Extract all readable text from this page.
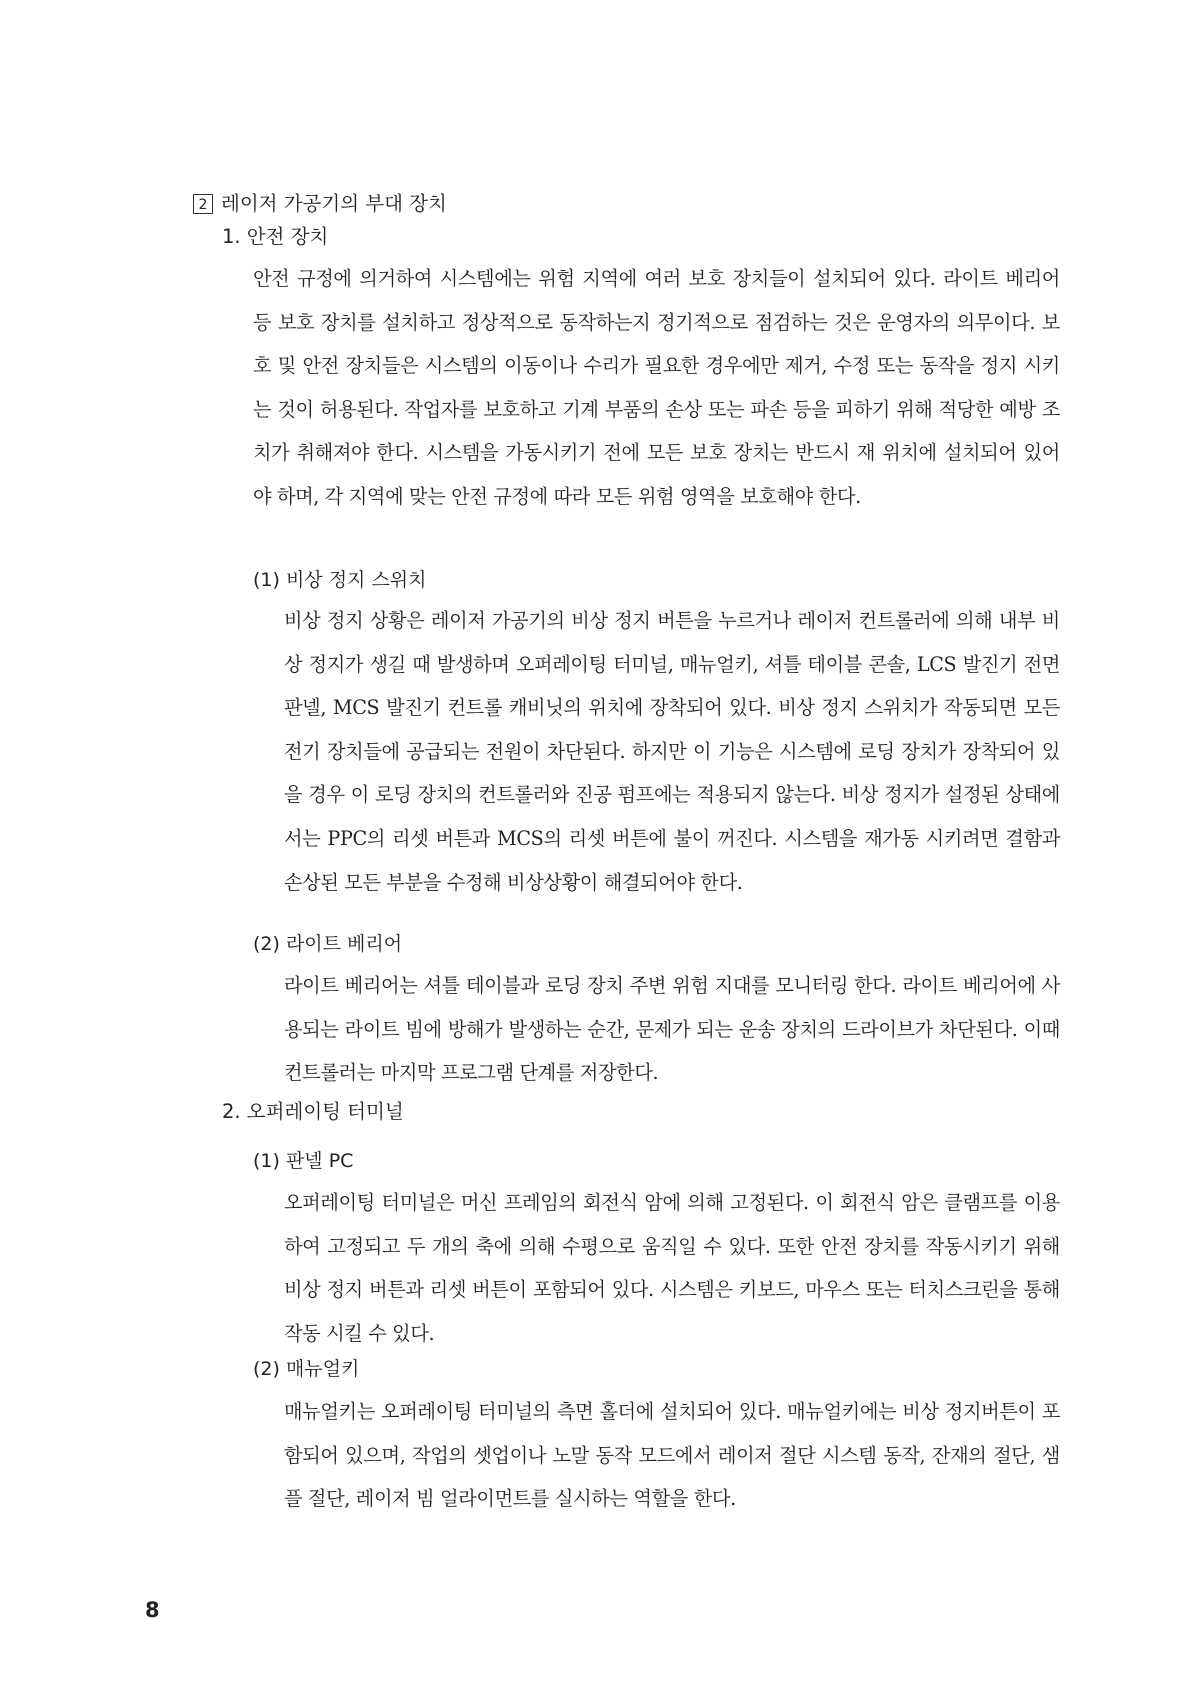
2 레이저 가공기의 부대 장치
1. 안전 장치

안전 규정에 의거하여 시스템에는 위험 지역에 여러 보호 장치들이 설치되어 있다. 라이트 베리어 등 보호 장치를 설치하고 정상적으로 동작하는지 정기적으로 점검하는 것은 운영자의 의무이다. 보호 및 안전 장치들은 시스템의 이동이나 수리가 필요한 경우에만 제거, 수정 또는 동작을 정지 시키는 것이 허용된다. 작업자를 보호하고 기계 부품의 손상 또는 파손 등을 피하기 위해 적당한 예방 조치가 취해져야 한다. 시스템을 가동시키기 전에 모든 보호 장치는 반드시 재 위치에 설치되어 있어야 하며, 각 지역에 맞는 안전 규정에 따라 모든 위험 영역을 보호해야 한다.

(1) 비상 정지 스위치

비상 정지 상황은 레이저 가공기의 비상 정지 버튼을 누르거나 레이저 컨트롤러에 의해 내부 비상 정지가 생길 때 발생하며 오퍼레이팅 터미널, 매뉴얼키, 셔틀 테이블 콘솔, LCS 발진기 전면 판넬, MCS 발진기 컨트롤 캐비닛의 위치에 장착되어 있다. 비상 정지 스위치가 작동되면 모든 전기 장치들에 공급되는 전원이 차단된다. 하지만 이 기능은 시스템에 로딩 장치가 장착되어 있을 경우 이 로딩 장치의 컨트롤러와 진공 펌프에는 적용되지 않는다. 비상 정지가 설정된 상태에서는 PPC의 리셋 버튼과 MCS의 리셋 버튼에 불이 꺼진다. 시스템을 재가동 시키려면 결함과 손상된 모든 부분을 수정해 비상상황이 해결되어야 한다.

(2) 라이트 베리어

라이트 베리어는 셔틀 테이블과 로딩 장치 주변 위험 지대를 모니터링 한다. 라이트 베리어에 사용되는 라이트 빔에 방해가 발생하는 순간, 문제가 되는 운송 장치의 드라이브가 차단된다. 이때 컨트롤러는 마지막 프로그램 단계를 저장한다.

2. 오퍼레이팅 터미널
(1) 판넬 PC

오퍼레이팅 터미널은 머신 프레임의 회전식 암에 의해 고정된다. 이 회전식 암은 클램프를 이용하여 고정되고 두 개의 축에 의해 수평으로 움직일 수 있다. 또한 안전 장치를 작동시키기 위해 비상 정지 버튼과 리셋 버튼이 포함되어 있다. 시스템은 키보드, 마우스 또는 터치스크린을 통해 작동 시킬 수 있다.

(2) 매뉴얼키

매뉴얼키는 오퍼레이팅 터미널의 측면 홀더에 설치되어 있다. 매뉴얼키에는 비상 정지버튼이 포함되어 있으며, 작업의 셋업이나 노말 동작 모드에서 레이저 절단 시스템 동작, 잔재의 절단, 샘플 절단, 레이저 빔 얼라이먼트를 실시하는 역할을 한다.

8
